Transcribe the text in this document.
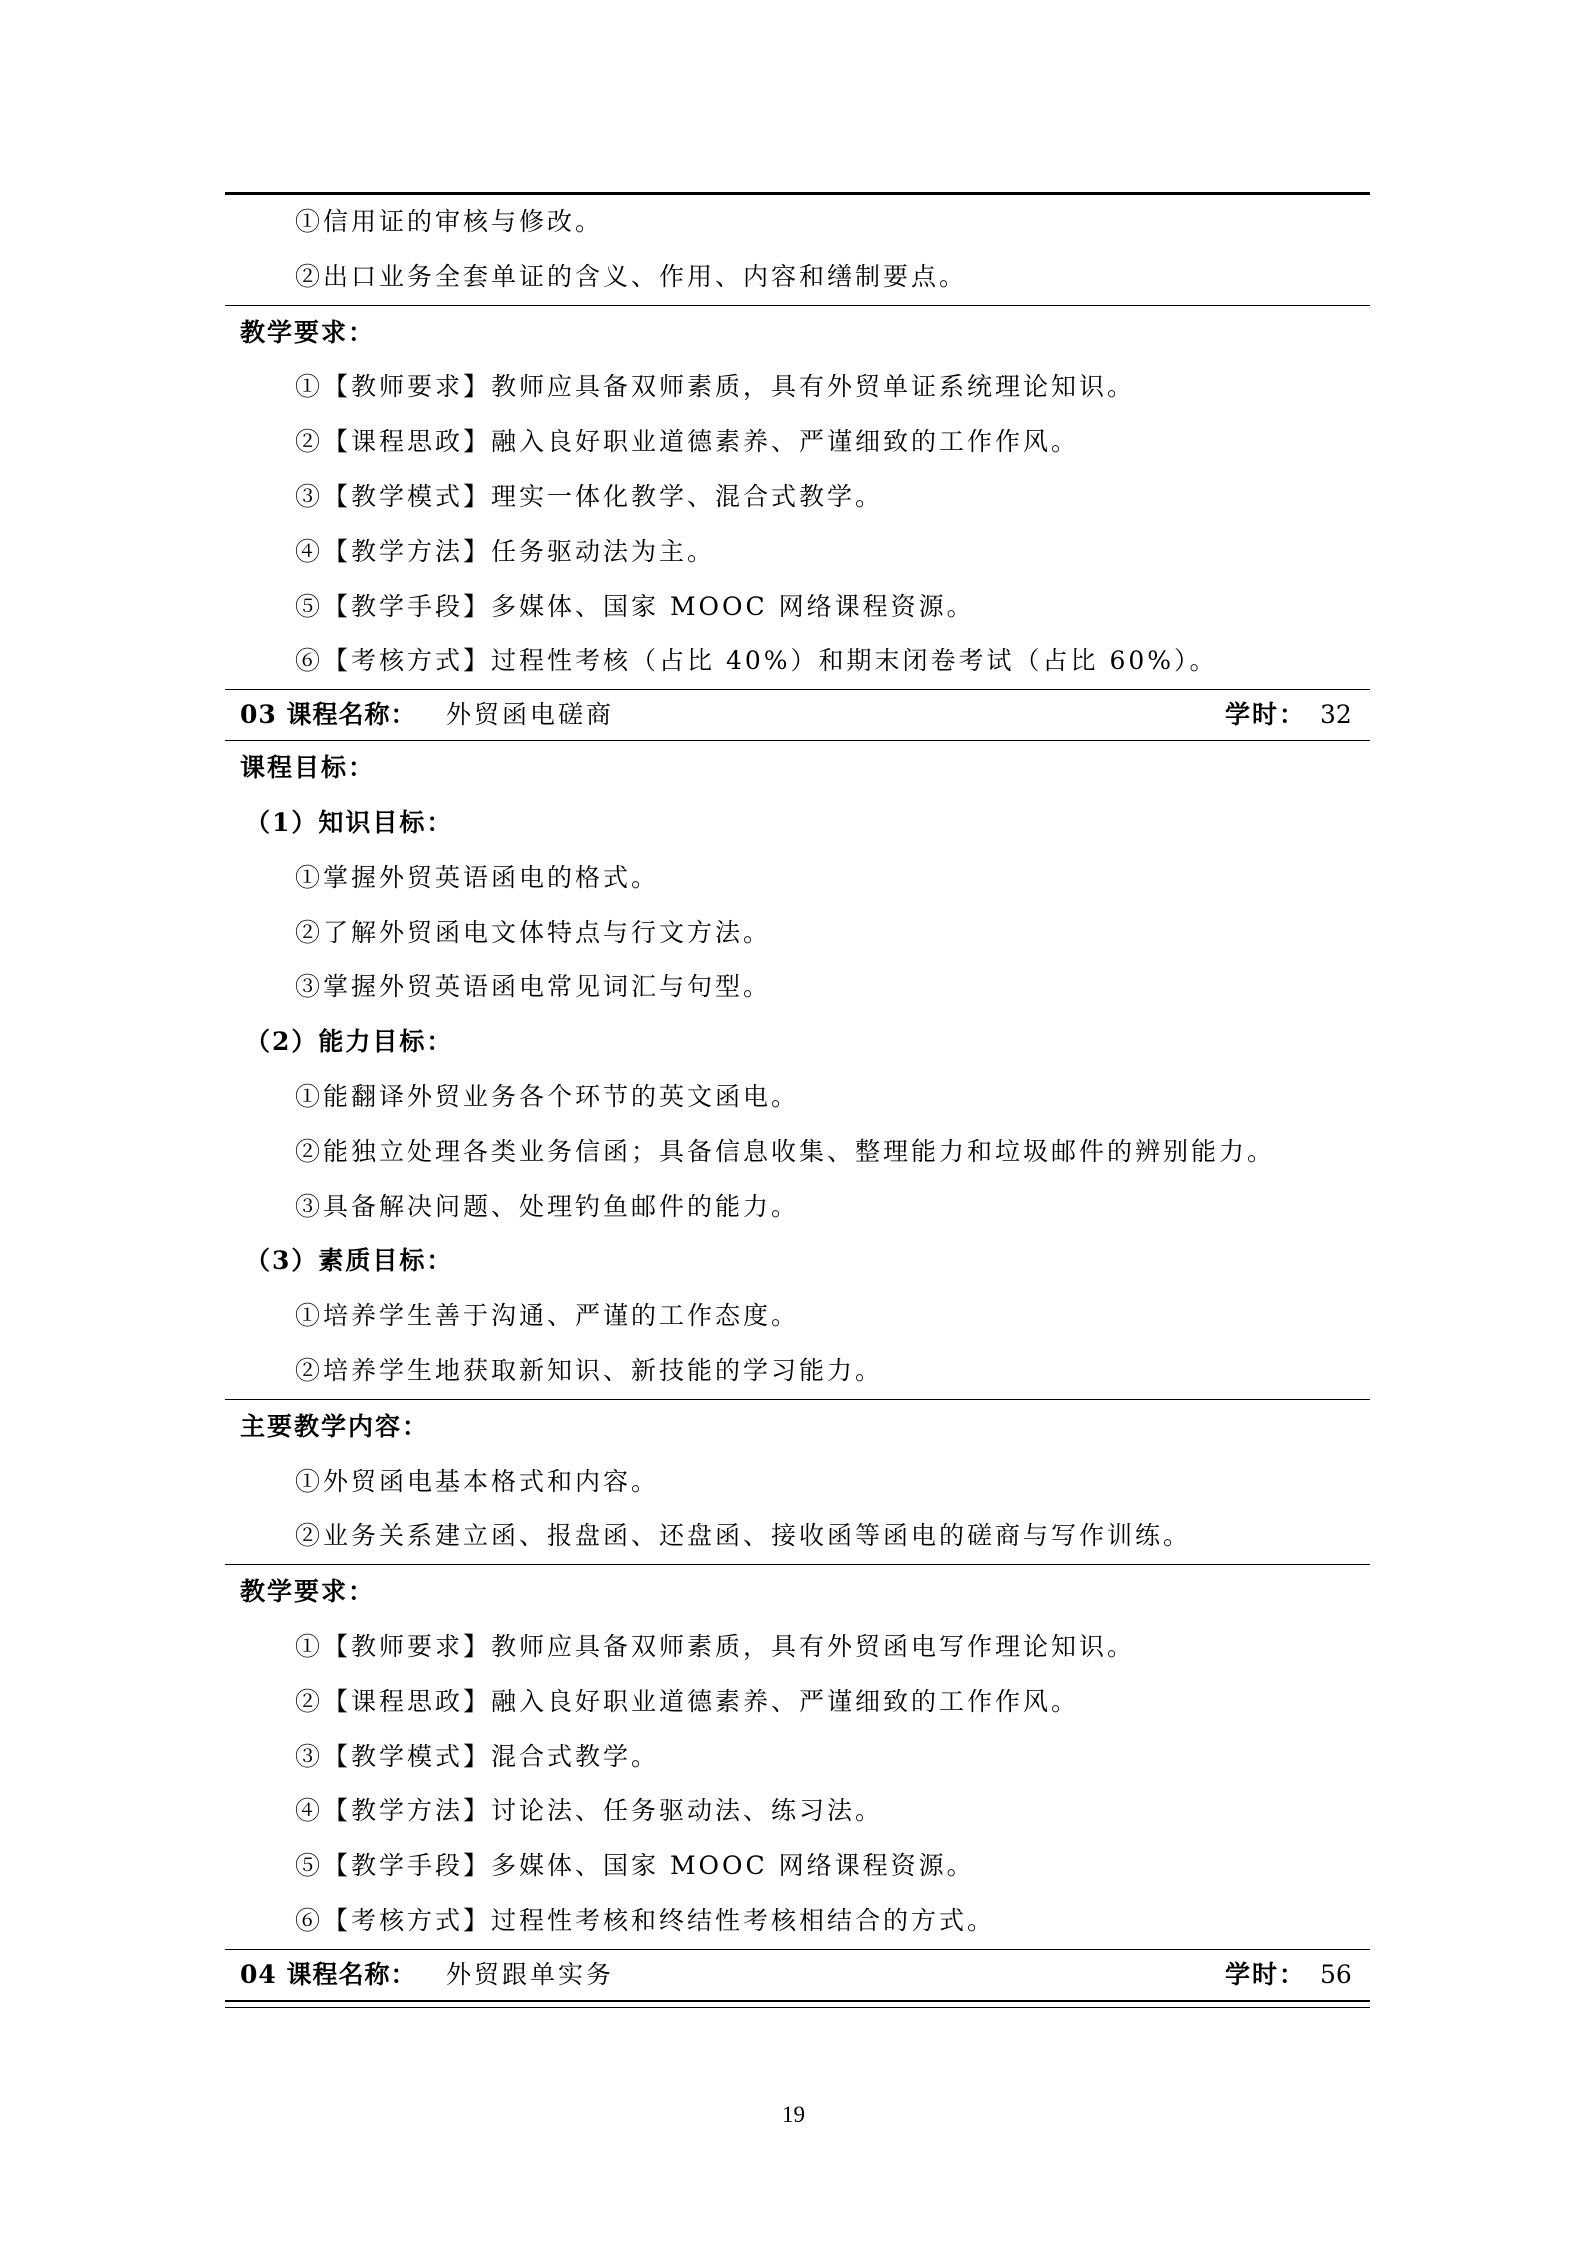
①信用证的审核与修改。
②出口业务全套单证的含义、作用、内容和缮制要点。
教学要求：
①【教师要求】教师应具备双师素质，具有外贸单证系统理论知识。
②【课程思政】融入良好职业道德素养、严谨细致的工作作风。
③【教学模式】理实一体化教学、混合式教学。
④【教学方法】任务驱动法为主。
⑤【教学手段】多媒体、国家 MOOC 网络课程资源。
⑥【考核方式】过程性考核（占比 40%）和期末闭卷考试（占比 60%）。
03 课程名称： 外贸函电磋商	学时： 32
课程目标：
（1）知识目标：
①掌握外贸英语函电的格式。
②了解外贸函电文体特点与行文方法。
③掌握外贸英语函电常见词汇与句型。
（2）能力目标：
①能翻译外贸业务各个环节的英文函电。
②能独立处理各类业务信函；具备信息收集、整理能力和垃圾邮件的辨别能力。
③具备解决问题、处理钓鱼邮件的能力。
（3）素质目标：
①培养学生善于沟通、严谨的工作态度。
②培养学生地获取新知识、新技能的学习能力。
主要教学内容：
①外贸函电基本格式和内容。
②业务关系建立函、报盘函、还盘函、接收函等函电的磋商与写作训练。
教学要求：
①【教师要求】教师应具备双师素质，具有外贸函电写作理论知识。
②【课程思政】融入良好职业道德素养、严谨细致的工作作风。
③【教学模式】混合式教学。
④【教学方法】讨论法、任务驱动法、练习法。
⑤【教学手段】多媒体、国家 MOOC 网络课程资源。
⑥【考核方式】过程性考核和终结性考核相结合的方式。
04 课程名称： 外贸跟单实务	学时： 56
19
